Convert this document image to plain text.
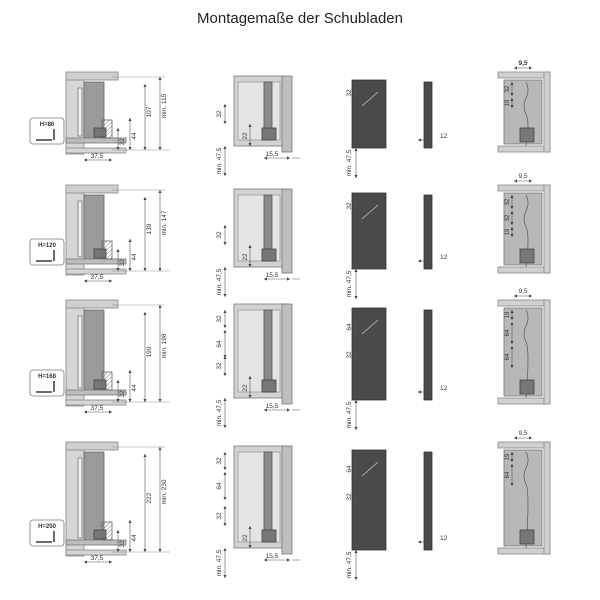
Montagemaße der Schubladen
32
44
107 min. 115
37,5
H=86
32
22
min. 47,5	15,5
32
min. 47,5
12
9,5
32
19
32
44
139 min. 147
37,5
H=120
32
22
min. 47,5	15,5
32
min. 47,5
12
9,5
32
32
19
32
44
190 min. 198
37,5
H=168
32
64
32
22
min. 47,5	15,5
64
32
min. 47,5
12
9,5
19
64
64
32
44
222 min. 230
37,5
H=200
32
64
32
22
min. 47,5	15,5
64
32
min. 47,5
12
9,5
19
64
